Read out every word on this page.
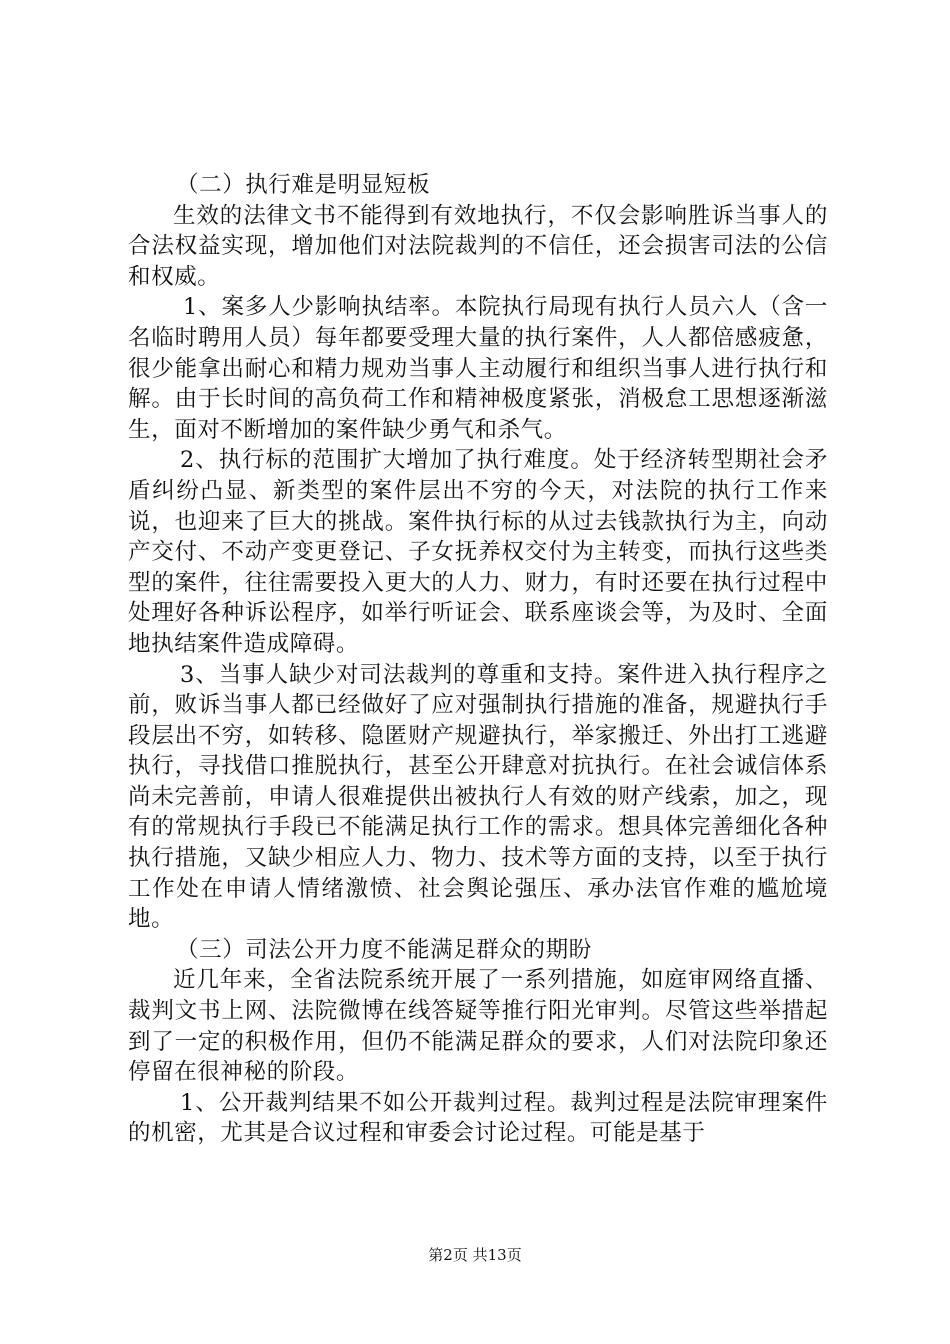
（二）执行难是明显短板

生效的法律文书不能得到有效地执行，不仅会影响胜诉当事人的合法权益实现，增加他们对法院裁判的不信任，还会损害司法的公信和权威。

1、案多人少影响执结率。本院执行局现有执行人员六人（含一名临时聘用人员）每年都要受理大量的执行案件，人人都倍感疲惫，很少能拿出耐心和精力规劝当事人主动履行和组织当事人进行执行和解。由于长时间的高负荷工作和精神极度紧张，消极怠工思想逐渐滋生，面对不断增加的案件缺少勇气和杀气。

2、执行标的范围扩大增加了执行难度。处于经济转型期社会矛盾纠纷凸显、新类型的案件层出不穷的今天，对法院的执行工作来说，也迎来了巨大的挑战。案件执行标的从过去钱款执行为主，向动产交付、不动产变更登记、子女抚养权交付为主转变，而执行这些类型的案件，往往需要投入更大的人力、财力，有时还要在执行过程中处理好各种诉讼程序，如举行听证会、联系座谈会等，为及时、全面地执结案件造成障碍。

3、当事人缺少对司法裁判的尊重和支持。案件进入执行程序之前，败诉当事人都已经做好了应对强制执行措施的准备，规避执行手段层出不穷，如转移、隐匿财产规避执行，举家搬迁、外出打工逃避执行，寻找借口推脱执行，甚至公开肆意对抗执行。在社会诚信体系尚未完善前，申请人很难提供出被执行人有效的财产线索，加之，现有的常规执行手段已不能满足执行工作的需求。想具体完善细化各种执行措施，又缺少相应人力、物力、技术等方面的支持，以至于执行工作处在申请人情绪激愤、社会舆论强压、承办法官作难的尴尬境地。

（三）司法公开力度不能满足群众的期盼

近几年来，全省法院系统开展了一系列措施，如庭审网络直播、裁判文书上网、法院微博在线答疑等推行阳光审判。尽管这些举措起到了一定的积极作用，但仍不能满足群众的要求，人们对法院印象还停留在很神秘的阶段。

1、公开裁判结果不如公开裁判过程。裁判过程是法院审理案件的机密，尤其是合议过程和审委会讨论过程。可能是基于

第2页 共13页
